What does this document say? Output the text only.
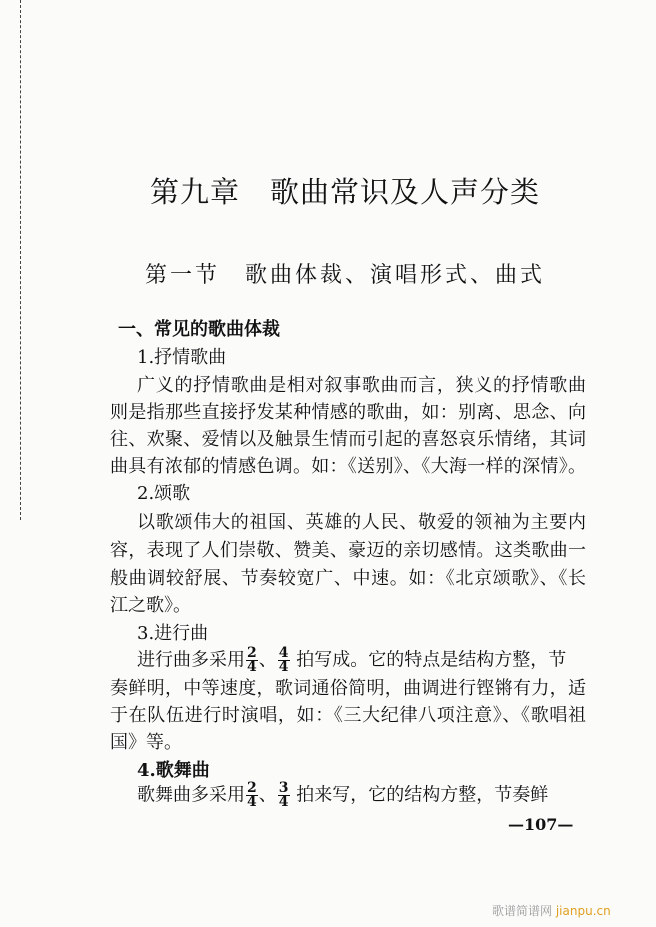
第九章　歌曲常识及人声分类
第一节　歌曲体裁、演唱形式、曲式
一、常见的歌曲体裁
1.抒情歌曲
广义的抒情歌曲是相对叙事歌曲而言，狭义的抒情歌曲
则是指那些直接抒发某种情感的歌曲，如：别离、思念、向
往、欢聚、爱情以及触景生情而引起的喜怒哀乐情绪，其词
曲具有浓郁的情感色调。如：《送别》、《大海一样的深情》。
2.颂歌
以歌颂伟大的祖国、英雄的人民、敬爱的领袖为主要内
容，表现了人们崇敬、赞美、豪迈的亲切感情。这类歌曲一
般曲调较舒展、节奏较宽广、中速。如：《北京颂歌》、《长
江之歌》。
3.进行曲
进行曲多采用 $\frac{2}{4}$ 、 $\frac{4}{4}$ 拍写成。它的特点是结构方整，节
奏鲜明，中等速度，歌词通俗简明，曲调进行铿锵有力，适
于在队伍进行时演唱，如：《三大纪律八项注意》、《歌唱祖
国》等。
4.歌舞曲
歌舞曲多采用 $\frac{2}{4}$ 、 $\frac{3}{4}$ 拍来写，它的结构方整，节奏鲜
—107—
歌谱简谱网 jianpu.cn
